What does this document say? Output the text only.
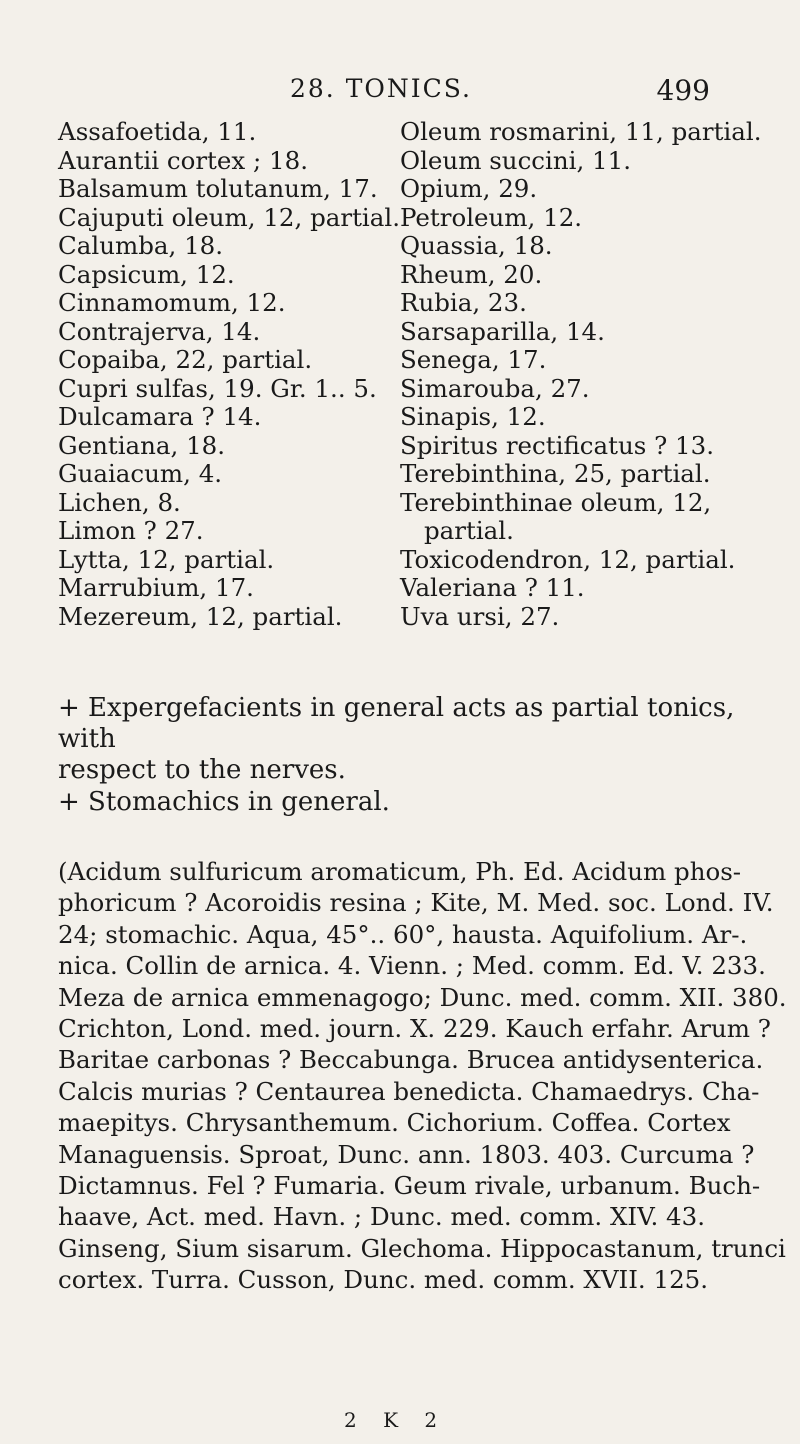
28. TONICS.	499
Assafoetida, 11.
Aurantii cortex ; 18.
Balsamum tolutanum, 17.
Cajuputi oleum, 12, partial.
Calumba, 18.
Capsicum, 12.
Cinnamomum, 12.
Contrajerva, 14.
Copaiba, 22, partial.
Cupri sulfas, 19. Gr. 1.. 5.
Dulcamara ? 14.
Gentiana, 18.
Guaiacum, 4.
Lichen, 8.
Limon ? 27.
Lytta, 12, partial.
Marrubium, 17.
Mezereum, 12, partial.
Oleum rosmarini, 11, partial.
Oleum succini, 11.
Opium, 29.
Petroleum, 12.
Quassia, 18.
Rheum, 20.
Rubia, 23.
Sarsaparilla, 14.
Senega, 17.
Simarouba, 27.
Sinapis, 12.
Spiritus rectificatus ? 13.
Terebinthina, 25, partial.
Terebinthinae oleum, 12,
partial.
Toxicodendron, 12, partial.
Valeriana ? 11.
Uva ursi, 27.
+ Expergefacients in general acts as partial tonics, with
respect to the nerves.
+ Stomachics in general.
(Acidum sulfuricum aromaticum, Ph. Ed. Acidum phos-
phoricum ? Acoroidis resina ; Kite, M. Med. soc. Lond. IV.
24; stomachic. Aqua, 45°.. 60°, hausta. Aquifolium. Ar-.
nica. Collin de arnica. 4. Vienn. ; Med. comm. Ed. V. 233.
Meza de arnica emmenagogo; Dunc. med. comm. XII. 380.
Crichton, Lond. med. journ. X. 229. Kauch erfahr. Arum ?
Baritae carbonas ? Beccabunga. Brucea antidysenterica.
Calcis murias ? Centaurea benedicta. Chamaedrys. Cha-
maepitys. Chrysanthemum. Cichorium. Coffea. Cortex
Managuensis. Sproat, Dunc. ann. 1803. 403. Curcuma ?
Dictamnus. Fel ? Fumaria. Geum rivale, urbanum. Buch-
haave, Act. med. Havn. ; Dunc. med. comm. XIV. 43.
Ginseng, Sium sisarum. Glechoma. Hippocastanum, trunci
cortex. Turra. Cusson, Dunc. med. comm. XVII. 125.
2 K 2
